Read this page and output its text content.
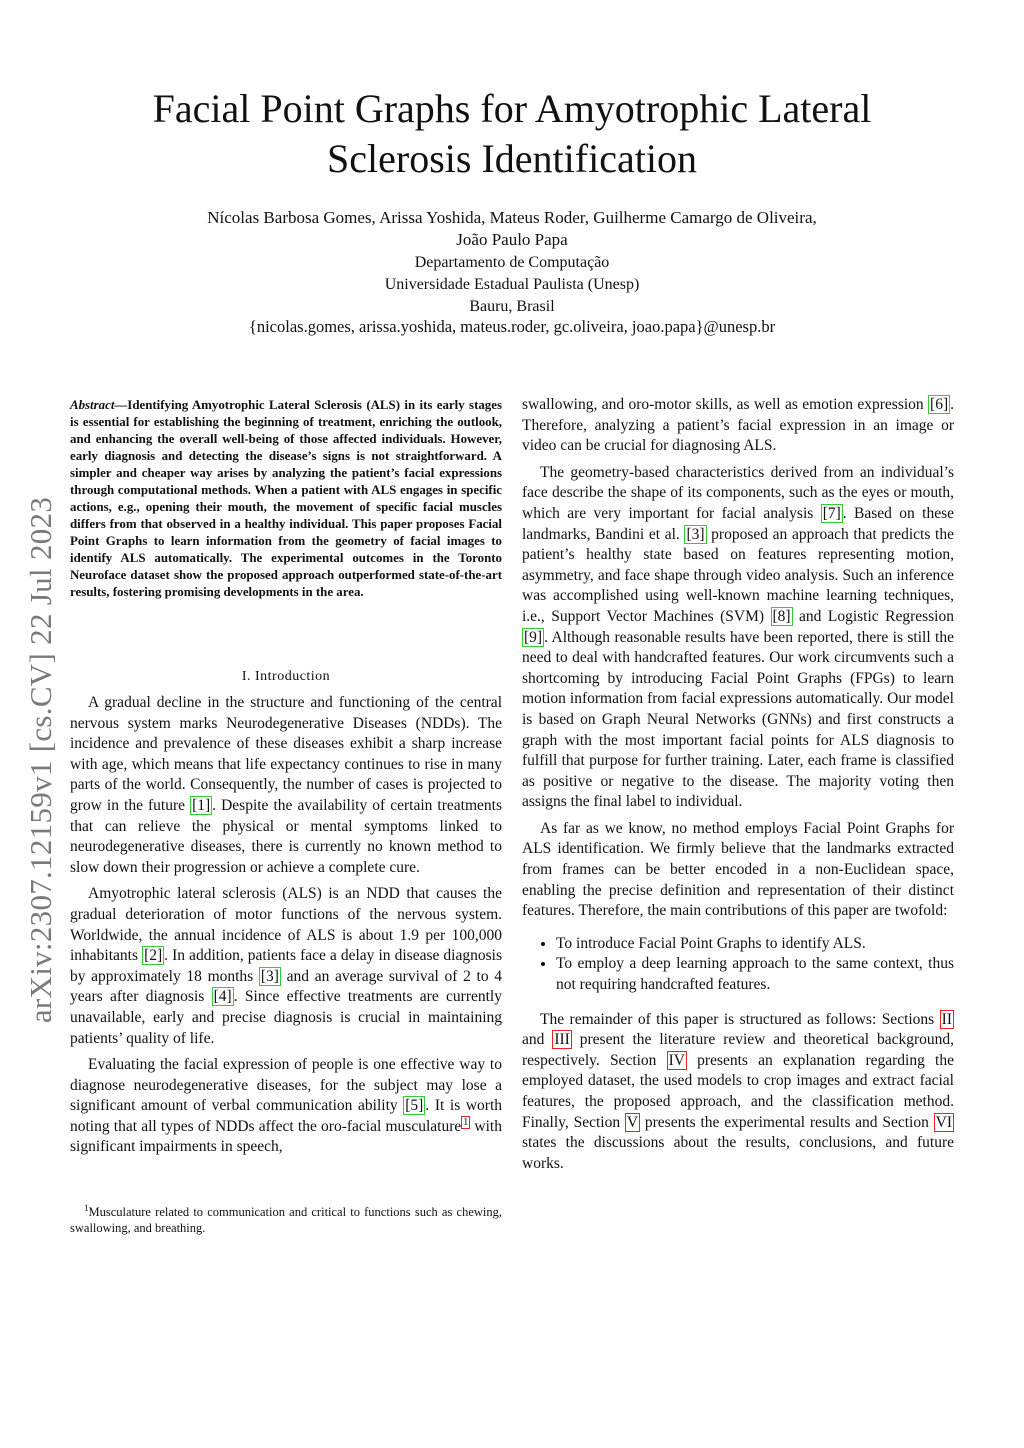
arXiv:2307.12159v1 [cs.CV] 22 Jul 2023
Facial Point Graphs for Amyotrophic Lateral
Sclerosis Identification
Nícolas Barbosa Gomes, Arissa Yoshida, Mateus Roder, Guilherme Camargo de Oliveira,
João Paulo Papa
Departamento de Computação
Universidade Estadual Paulista (Unesp)
Bauru, Brasil
{nicolas.gomes, arissa.yoshida, mateus.roder, gc.oliveira, joao.papa}@unesp.br
Abstract—Identifying Amyotrophic Lateral Sclerosis (ALS) in its early stages is essential for establishing the beginning of treatment, enriching the outlook, and enhancing the overall well-being of those affected individuals. However, early diagnosis and detecting the disease’s signs is not straightforward. A simpler and cheaper way arises by analyzing the patient’s facial expressions through computational methods. When a patient with ALS engages in specific actions, e.g., opening their mouth, the movement of specific facial muscles differs from that observed in a healthy individual. This paper proposes Facial Point Graphs to learn information from the geometry of facial images to identify ALS automatically. The experimental outcomes in the Toronto Neuroface dataset show the proposed approach outperformed state-of-the-art results, fostering promising developments in the area.
I. Introduction

A gradual decline in the structure and functioning of the central nervous system marks Neurodegenerative Diseases (NDDs). The incidence and prevalence of these diseases exhibit a sharp increase with age, which means that life expectancy continues to rise in many parts of the world. Consequently, the number of cases is projected to grow in the future [1] . Despite the availability of certain treatments that can relieve the physical or mental symptoms linked to neurodegenerative diseases, there is currently no known method to slow down their progression or achieve a complete cure.

Amyotrophic lateral sclerosis (ALS) is an NDD that causes the gradual deterioration of motor functions of the nervous system. Worldwide, the annual incidence of ALS is about 1.9 per 100,000 inhabitants [2] . In addition, patients face a delay in disease diagnosis by approximately 18 months [3] and an average survival of 2 to 4 years after diagnosis [4] . Since effective treatments are currently unavailable, early and precise diagnosis is crucial in maintaining patients’ quality of life.

Evaluating the facial expression of people is one effective way to diagnose neurodegenerative diseases, for the subject may lose a significant amount of verbal communication ability [5] . It is worth noting that all types of NDDs affect the oro-facial musculature $^1$ with significant impairments in speech,

$^1$Musculature related to communication and critical to functions such as chewing, swallowing, and breathing.

swallowing, and oro-motor skills, as well as emotion expression [6] . Therefore, analyzing a patient’s facial expression in an image or video can be crucial for diagnosing ALS.

The geometry-based characteristics derived from an individual’s face describe the shape of its components, such as the eyes or mouth, which are very important for facial analysis [7] . Based on these landmarks, Bandini et al. [3] proposed an approach that predicts the patient’s healthy state based on features representing motion, asymmetry, and face shape through video analysis. Such an inference was accomplished using well-known machine learning techniques, i.e., Support Vector Machines (SVM) [8] and Logistic Regression [9] . Although reasonable results have been reported, there is still the need to deal with handcrafted features. Our work circumvents such a shortcoming by introducing Facial Point Graphs (FPGs) to learn motion information from facial expressions automatically. Our model is based on Graph Neural Networks (GNNs) and first constructs a graph with the most important facial points for ALS diagnosis to fulfill that purpose for further training. Later, each frame is classified as positive or negative to the disease. The majority voting then assigns the final label to individual.

As far as we know, no method employs Facial Point Graphs for ALS identification. We firmly believe that the landmarks extracted from frames can be better encoded in a non-Euclidean space, enabling the precise definition and representation of their distinct features. Therefore, the main contributions of this paper are twofold:

• To introduce Facial Point Graphs to identify ALS.
• To employ a deep learning approach to the same context, thus not requiring handcrafted features.

The remainder of this paper is structured as follows: Sections II and III present the literature review and theoretical background, respectively. Section IV presents an explanation regarding the employed dataset, the used models to crop images and extract facial features, the proposed approach, and the classification method. Finally, Section V presents the experimental results and Section VI states the discussions about the results, conclusions, and future works.
